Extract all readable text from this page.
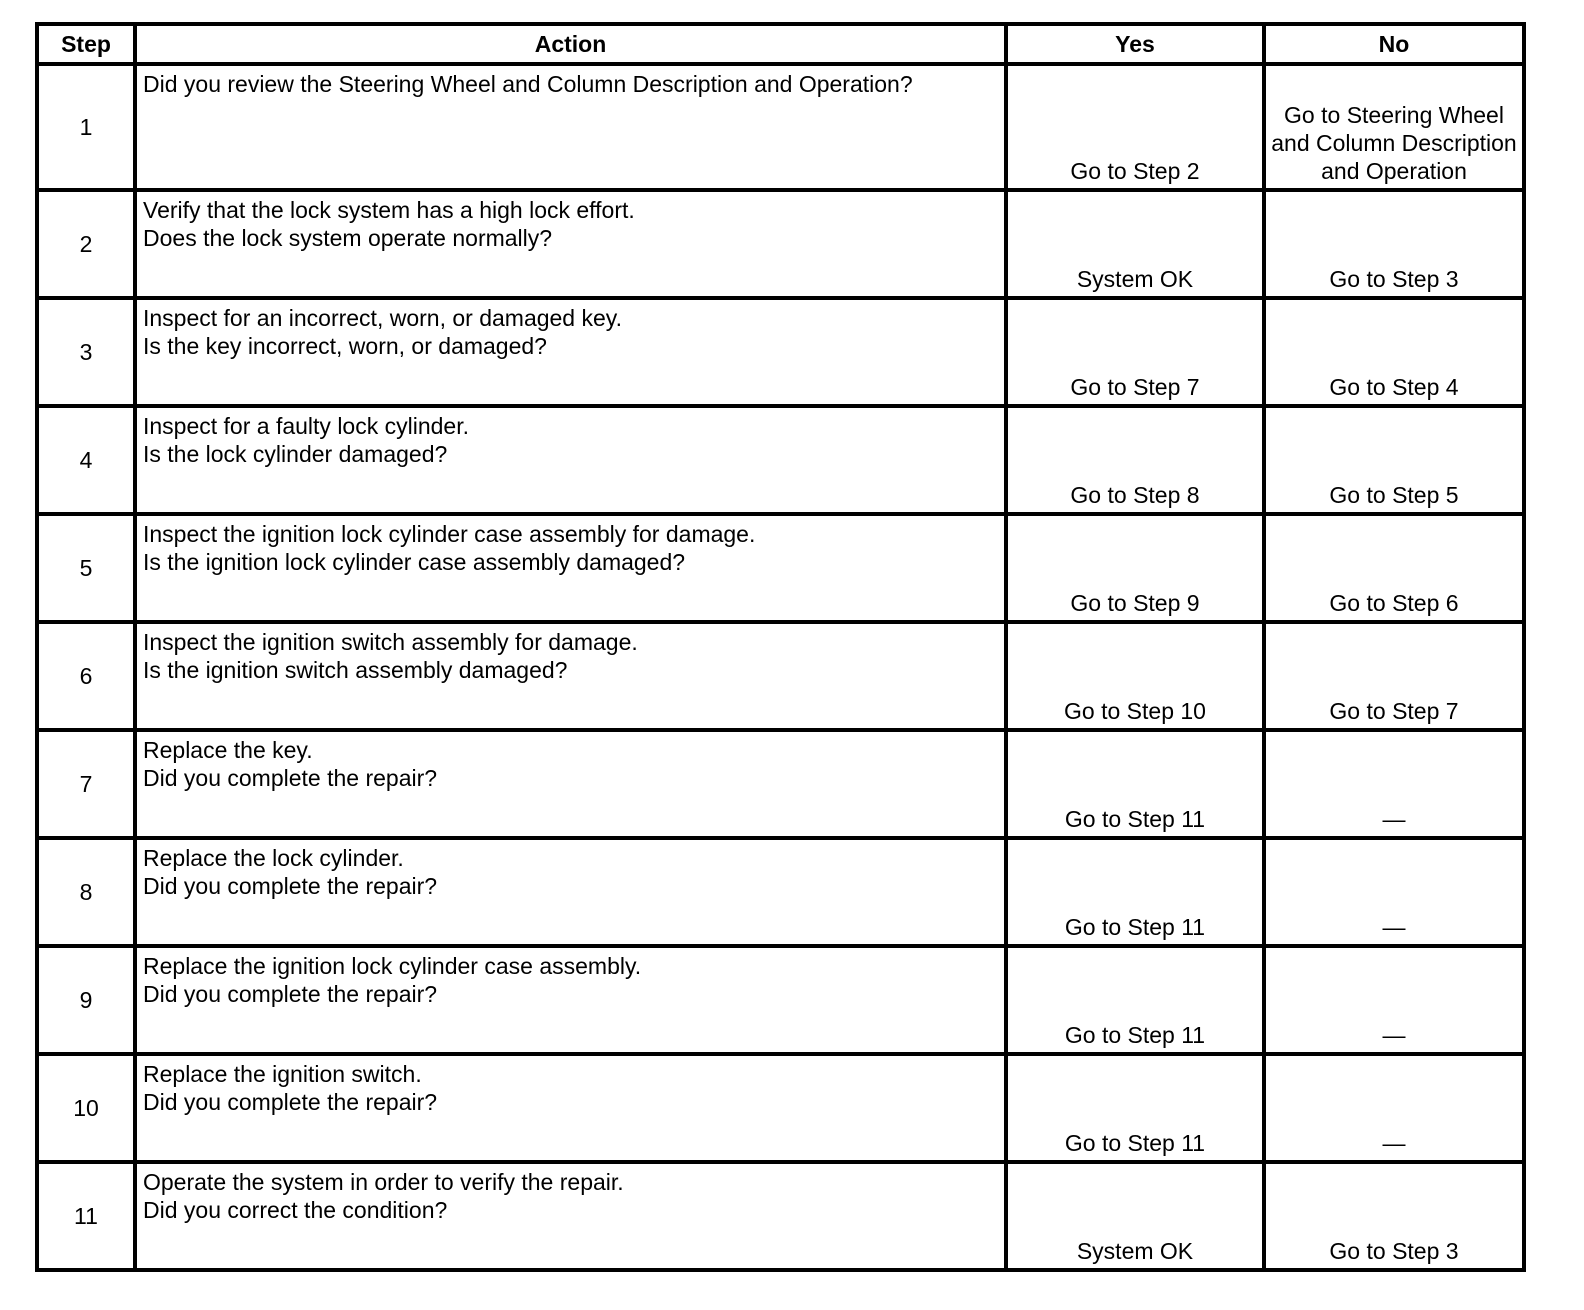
Step	Action	Yes	No
1	Did you review the Steering Wheel and Column Description and Operation?	Go to Step 2	Go to Steering Wheel and Column Description and Operation
2	Verify that the lock system has a high lock effort.
Does the lock system operate normally?	System OK	Go to Step 3
3	Inspect for an incorrect, worn, or damaged key.
Is the key incorrect, worn, or damaged?	Go to Step 7	Go to Step 4
4	Inspect for a faulty lock cylinder.
Is the lock cylinder damaged?	Go to Step 8	Go to Step 5
5	Inspect the ignition lock cylinder case assembly for damage.
Is the ignition lock cylinder case assembly damaged?	Go to Step 9	Go to Step 6
6	Inspect the ignition switch assembly for damage.
Is the ignition switch assembly damaged?	Go to Step 10	Go to Step 7
7	Replace the key.
Did you complete the repair?	Go to Step 11	—
8	Replace the lock cylinder.
Did you complete the repair?	Go to Step 11	—
9	Replace the ignition lock cylinder case assembly.
Did you complete the repair?	Go to Step 11	—
10	Replace the ignition switch.
Did you complete the repair?	Go to Step 11	—
11	Operate the system in order to verify the repair.
Did you correct the condition?	System OK	Go to Step 3
